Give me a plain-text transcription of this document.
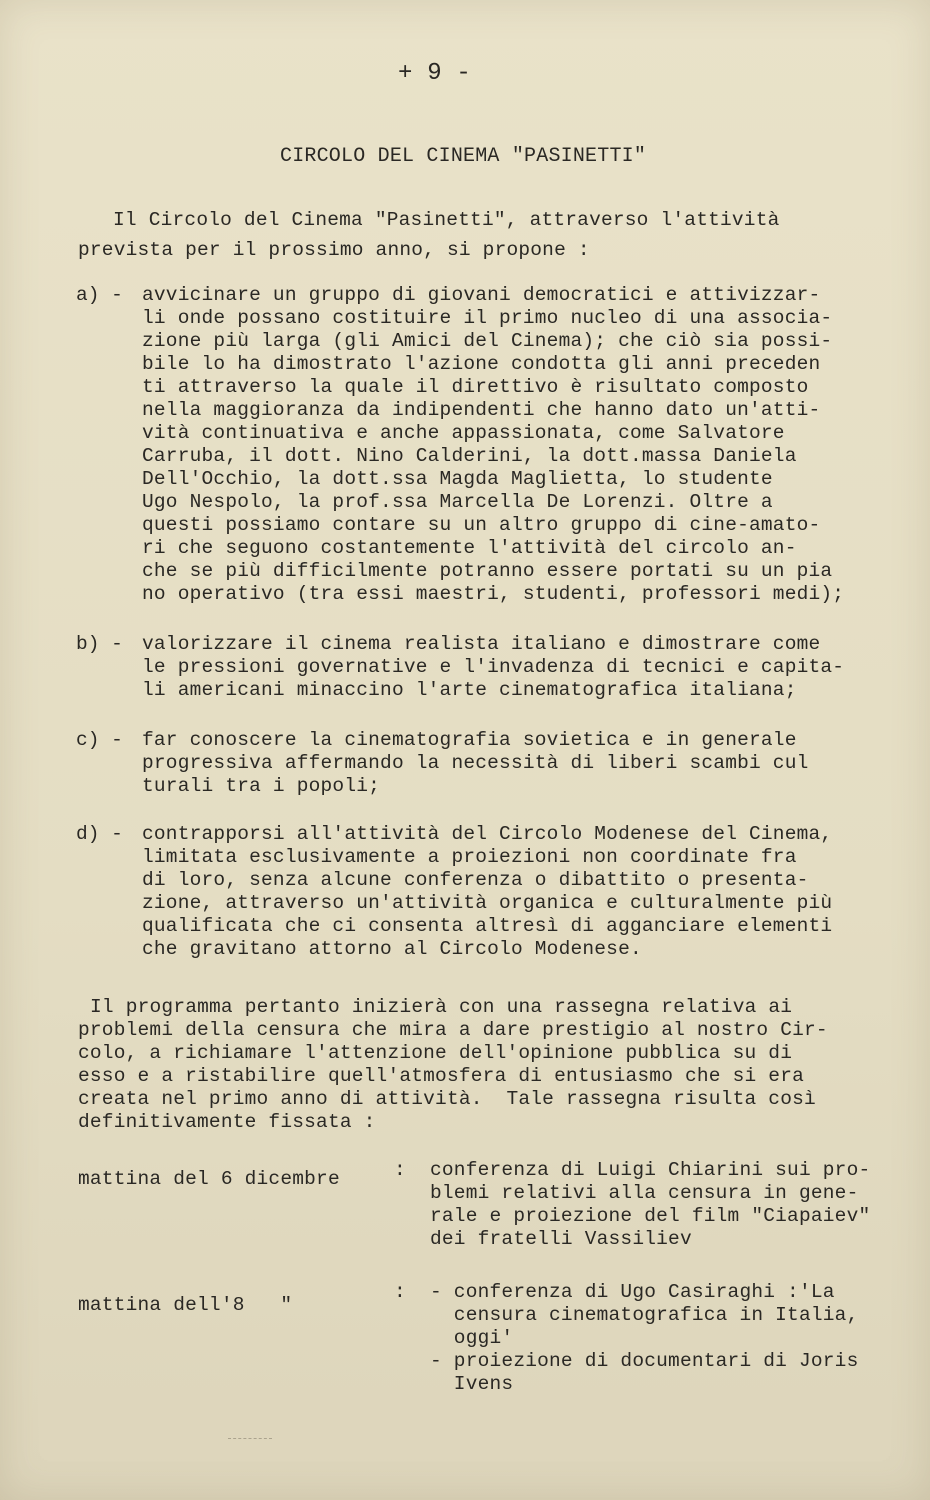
+ 9 -
CIRCOLO DEL CINEMA "PASINETTI"
Il Circolo del Cinema "Pasinetti", attraverso l'attività
prevista per il prossimo anno, si propone :
a) - avvicinare un gruppo di giovani democratici e attivizzar-
li onde possano costituire il primo nucleo di una associa-
zione più larga (gli Amici del Cinema); che ciò sia possi-
bile lo ha dimostrato l'azione condotta gli anni preceden
ti attraverso la quale il direttivo è risultato composto
nella maggioranza da indipendenti che hanno dato un'atti-
vità continuativa e anche appassionata, come Salvatore
Carruba, il dott. Nino Calderini, la dott.massa Daniela
Dell'Occhio, la dott.ssa Magda Maglietta, lo studente
Ugo Nespolo, la prof.ssa Marcella De Lorenzi. Oltre a
questi possiamo contare su un altro gruppo di cine-amato-
ri che seguono costantemente l'attività del circolo an-
che se più difficilmente potranno essere portati su un pia
no operativo (tra essi maestri, studenti, professori medi);
b) - valorizzare il cinema realista italiano e dimostrare come
le pressioni governative e l'invadenza di tecnici e capita-
li americani minaccino l'arte cinematografica italiana;
c) - far conoscere la cinematografia sovietica e in generale
progressiva affermando la necessità di liberi scambi cul
turali tra i popoli;
d) - contrapporsi all'attività del Circolo Modenese del Cinema,
limitata esclusivamente a proiezioni non coordinate fra
di loro, senza alcune conferenza o dibattito o presenta-
zione, attraverso un'attività organica e culturalmente più
qualificata che ci consenta altresì di agganciare elementi
che gravitano attorno al Circolo Modenese.
Il programma pertanto inizierà con una rassegna relativa ai
problemi della censura che mira a dare prestigio al nostro Cir-
colo, a richiamare l'attenzione dell'opinione pubblica su di
esso e a ristabilire quell'atmosfera di entusiasmo che si era
creata nel primo anno di attività.  Tale rassegna risulta così
definitivamente fissata :
mattina del 6 dicembre	: conferenza di Luigi Chiarini sui pro-
blemi relativi alla censura in gene-
rale e proiezione del film "Ciapaiev"
dei fratelli Vassiliev
mattina dell'8   "
: - conferenza di Ugo Casiraghi :'La
censura cinematografica in Italia,
oggi'
- proiezione di documentari di Joris
Ivens
